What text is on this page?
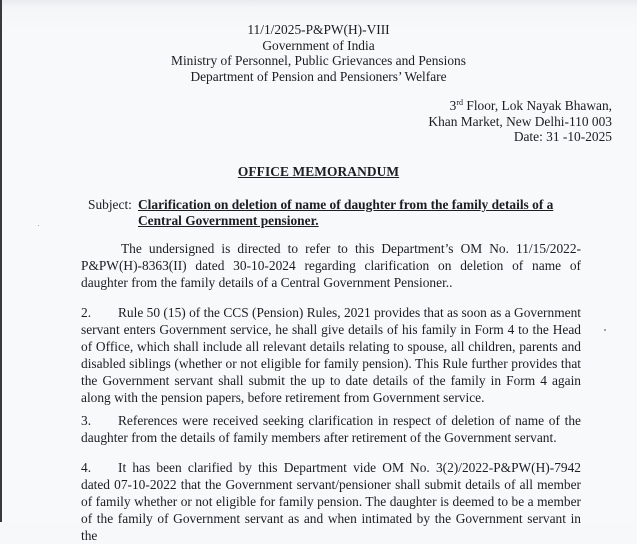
11/1/2025-P&PW(H)-VIII
Government of India
Ministry of Personnel, Public Grievances and Pensions
Department of Pension and Pensioners’ Welfare
3rd Floor, Lok Nayak Bhawan,
Khan Market, New Delhi-110 003
Date: 31 -10-2025
OFFICE MEMORANDUM
Subject: Clarification on deletion of name of daughter from the family details of a Central Government pensioner.
The undersigned is directed to refer to this Department’s OM No. 11/15/2022-P&PW(H)-8363(II) dated 30-10-2024 regarding clarification on deletion of name of daughter from the family details of a Central Government Pensioner..
2. Rule 50 (15) of the CCS (Pension) Rules, 2021 provides that as soon as a Government servant enters Government service, he shall give details of his family in Form 4 to the Head of Office, which shall include all relevant details relating to spouse, all children, parents and disabled siblings (whether or not eligible for family pension). This Rule further provides that the Government servant shall submit the up to date details of the family in Form 4 again along with the pension papers, before retirement from Government service.
3. References were received seeking clarification in respect of deletion of name of the daughter from the details of family members after retirement of the Government servant.
4. It has been clarified by this Department vide OM No. 3(2)/2022-P&PW(H)-7942 dated 07-10-2022 that the Government servant/pensioner shall submit details of all member of family whether or not eligible for family pension. The daughter is deemed to be a member of the family of Government servant as and when intimated by the Government servant in the
